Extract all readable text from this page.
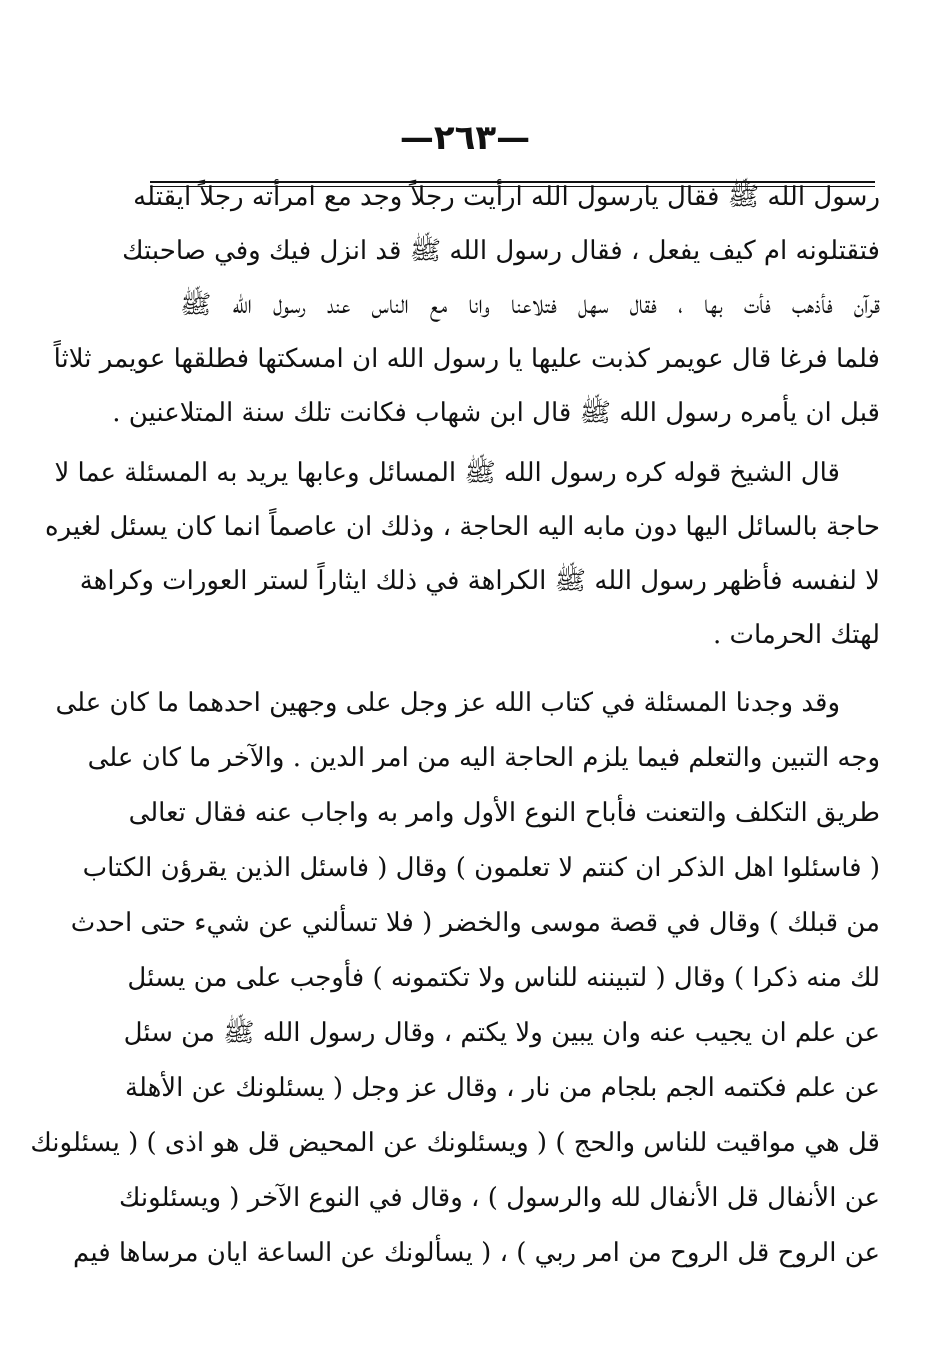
—٢٦٣—
رسول الله ﷺ فقال يارسول الله ارأيت رجلاً وجد مع امرأته رجلاً ايقتله
فتقتلونه ام كيف يفعل ، فقال رسول الله ﷺ قد انزل فيك وفي صاحبتك
قرآن فأذهب فأت بها ، فقال سهل فتلاعنا وانا مع الناس عند رسول الله ﷺ
فلما فرغا قال عويمر كذبت عليها يا رسول الله ان امسكتها فطلقها عويمر ثلاثاً
قبل ان يأمره رسول الله ﷺ قال ابن شهاب فكانت تلك سنة المتلاعنين .
قال الشيخ قوله كره رسول الله ﷺ المسائل وعابها يريد به المسئلة عما لا
حاجة بالسائل اليها دون مابه اليه الحاجة ، وذلك ان عاصماً انما كان يسئل لغيره
لا لنفسه فأظهر رسول الله ﷺ الكراهة في ذلك ايثاراً لستر العورات وكراهة
لهتك الحرمات .
وقد وجدنا المسئلة في كتاب الله عز وجل على وجهين احدهما ما كان على
وجه التبين والتعلم فيما يلزم الحاجة اليه من امر الدين . والآخر ما كان على
طريق التكلف والتعنت فأباح النوع الأول وامر به واجاب عنه فقال تعالى
( فاسئلوا اهل الذكر ان كنتم لا تعلمون ) وقال ( فاسئل الذين يقرؤن الكتاب
من قبلك ) وقال في قصة موسى والخضر ( فلا تسألني عن شيء حتى احدث
لك منه ذكرا ) وقال ( لتبيننه للناس ولا تكتمونه ) فأوجب على من يسئل
عن علم ان يجيب عنه وان يبين ولا يكتم ، وقال رسول الله ﷺ من سئل
عن علم فكتمه الجم بلجام من نار ، وقال عز وجل ( يسئلونك عن الأهلة
قل هي مواقيت للناس والحج ) ( ويسئلونك عن المحيض قل هو اذى ) ( يسئلونك
عن الأنفال قل الأنفال لله والرسول ) ، وقال في النوع الآخر ( ويسئلونك
عن الروح قل الروح من امر ربي ) ، ( يسألونك عن الساعة ايان مرساها فيم
